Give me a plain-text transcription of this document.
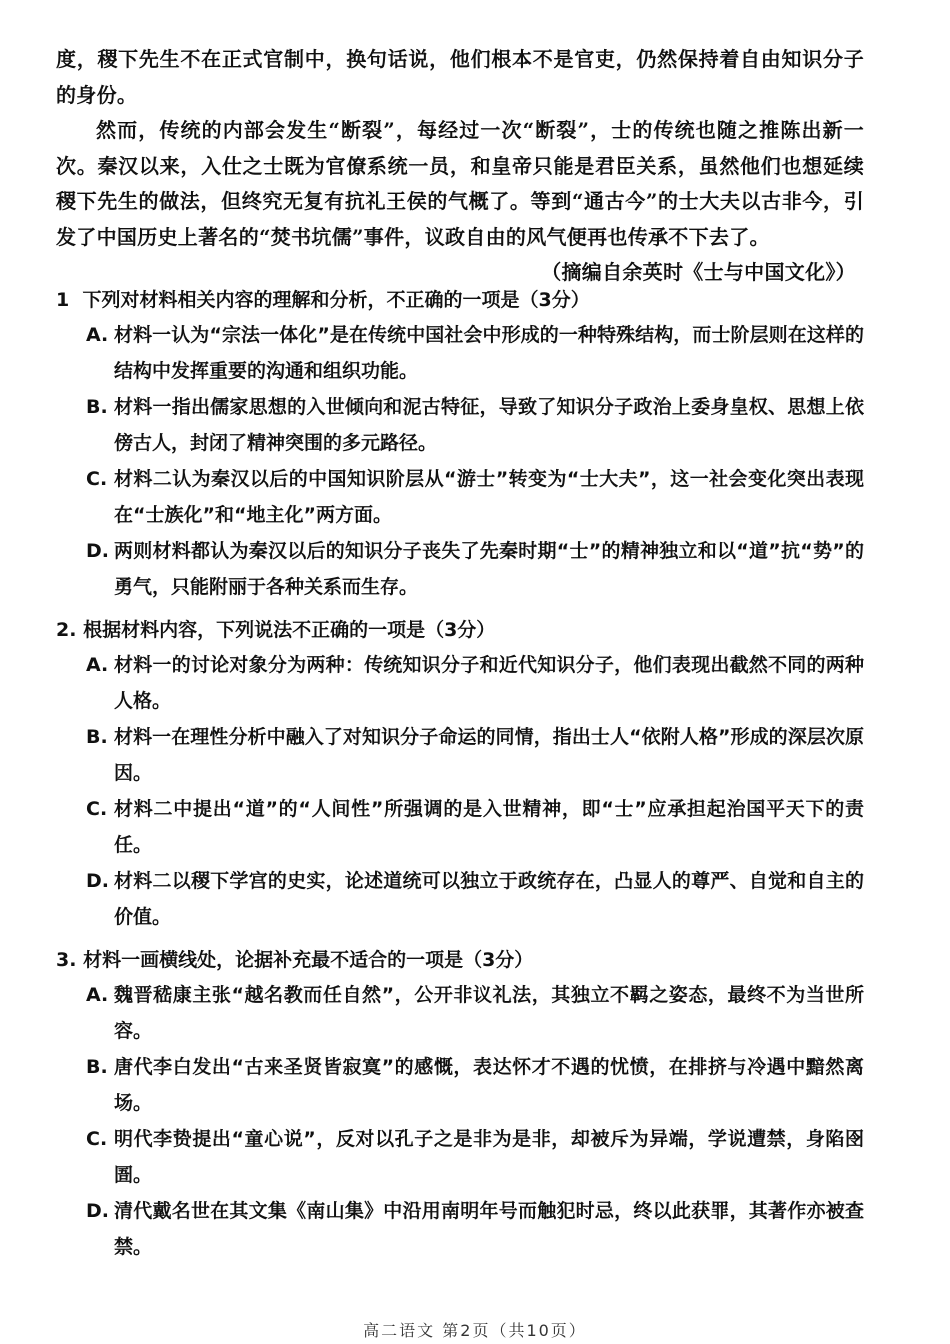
度，稷下先生不在正式官制中，换句话说，他们根本不是官吏，仍然保持着自由知识分子的身份。

然而，传统的内部会发生“断裂”，每经过一次“断裂”，士的传统也随之推陈出新一次。秦汉以来，入仕之士既为官僚系统一员，和皇帝只能是君臣关系，虽然他们也想延续稷下先生的做法，但终究无复有抗礼王侯的气概了。等到“通古今”的士大夫以古非今，引发了中国历史上著名的“焚书坑儒”事件，议政自由的风气便再也传承不下去了。

（摘编自余英时《士与中国文化》）

1 下列对材料相关内容的理解和分析，不正确的一项是（3分）

A. 材料一认为“宗法一体化”是在传统中国社会中形成的一种特殊结构，而士阶层则在这样的结构中发挥重要的沟通和组织功能。
B. 材料一指出儒家思想的入世倾向和泥古特征，导致了知识分子政治上委身皇权、思想上依傍古人，封闭了精神突围的多元路径。
C. 材料二认为秦汉以后的中国知识阶层从“游士”转变为“士大夫”，这一社会变化突出表现在“士族化”和“地主化”两方面。
D. 两则材料都认为秦汉以后的知识分子丧失了先秦时期“士”的精神独立和以“道”抗“势”的勇气，只能附丽于各种关系而生存。

2. 根据材料内容，下列说法不正确的一项是（3分）

A. 材料一的讨论对象分为两种：传统知识分子和近代知识分子，他们表现出截然不同的两种人格。
B. 材料一在理性分析中融入了对知识分子命运的同情，指出士人“依附人格”形成的深层次原因。
C. 材料二中提出“道”的“人间性”所强调的是入世精神，即“士”应承担起治国平天下的责任。
D. 材料二以稷下学宫的史实，论述道统可以独立于政统存在，凸显人的尊严、自觉和自主的价值。

3. 材料一画横线处，论据补充最不适合的一项是（3分）

A. 魏晋嵇康主张“越名教而任自然”，公开非议礼法，其独立不羁之姿态，最终不为当世所容。
B. 唐代李白发出“古来圣贤皆寂寞”的感慨，表达怀才不遇的忧愤，在排挤与冷遇中黯然离场。
C. 明代李贽提出“童心说”，反对以孔子之是非为是非，却被斥为异端，学说遭禁，身陷囹圄。
D. 清代戴名世在其文集《南山集》中沿用南明年号而触犯时忌，终以此获罪，其著作亦被查禁。
高二语文 第2页（共10页）
